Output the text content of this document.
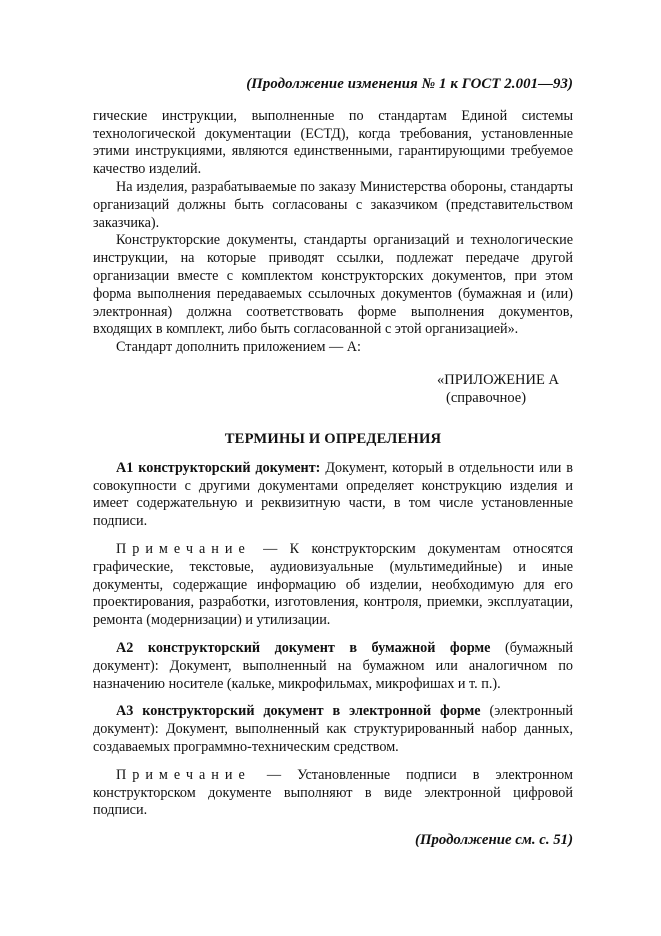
(Продолжение изменения № 1 к ГОСТ 2.001—93)

гические инструкции, выполненные по стандартам Единой системы технологической документации (ЕСТД), когда требования, установленные этими инструкциями, являются единственными, гарантирующими требуемое качество изделий.

На изделия, разрабатываемые по заказу Министерства обороны, стандарты организаций должны быть согласованы с заказчиком (представительством заказчика).

Конструкторские документы, стандарты организаций и технологические инструкции, на которые приводят ссылки, подлежат передаче другой организации вместе с комплектом конструкторских документов, при этом форма выполнения передаваемых ссылочных документов (бумажная и (или) электронная) должна соответствовать форме выполнения документов, входящих в комплект, либо быть согласованной с этой организацией».

Стандарт дополнить приложением — А:

«ПРИЛОЖЕНИЕ А
(справочное)
ТЕРМИНЫ И ОПРЕДЕЛЕНИЯ

А1 конструкторский документ: Документ, который в отдельности или в совокупности с другими документами определяет конструкцию изделия и имеет содержательную и реквизитную части, в том числе установленные подписи.

Примечание — К конструкторским документам относятся графические, текстовые, аудиовизуальные (мультимедийные) и иные документы, содержащие информацию об изделии, необходимую для его проектирования, разработки, изготовления, контроля, приемки, эксплуатации, ремонта (модернизации) и утилизации.

А2 конструкторский документ в бумажной форме (бумажный документ): Документ, выполненный на бумажном или аналогичном по назначению носителе (кальке, микрофильмах, микрофишах и т. п.).

А3 конструкторский документ в электронной форме (электронный документ): Документ, выполненный как структурированный набор данных, создаваемых программно-техническим средством.

Примечание — Установленные подписи в электронном конструкторском документе выполняют в виде электронной цифровой подписи.

(Продолжение см. с. 51)
